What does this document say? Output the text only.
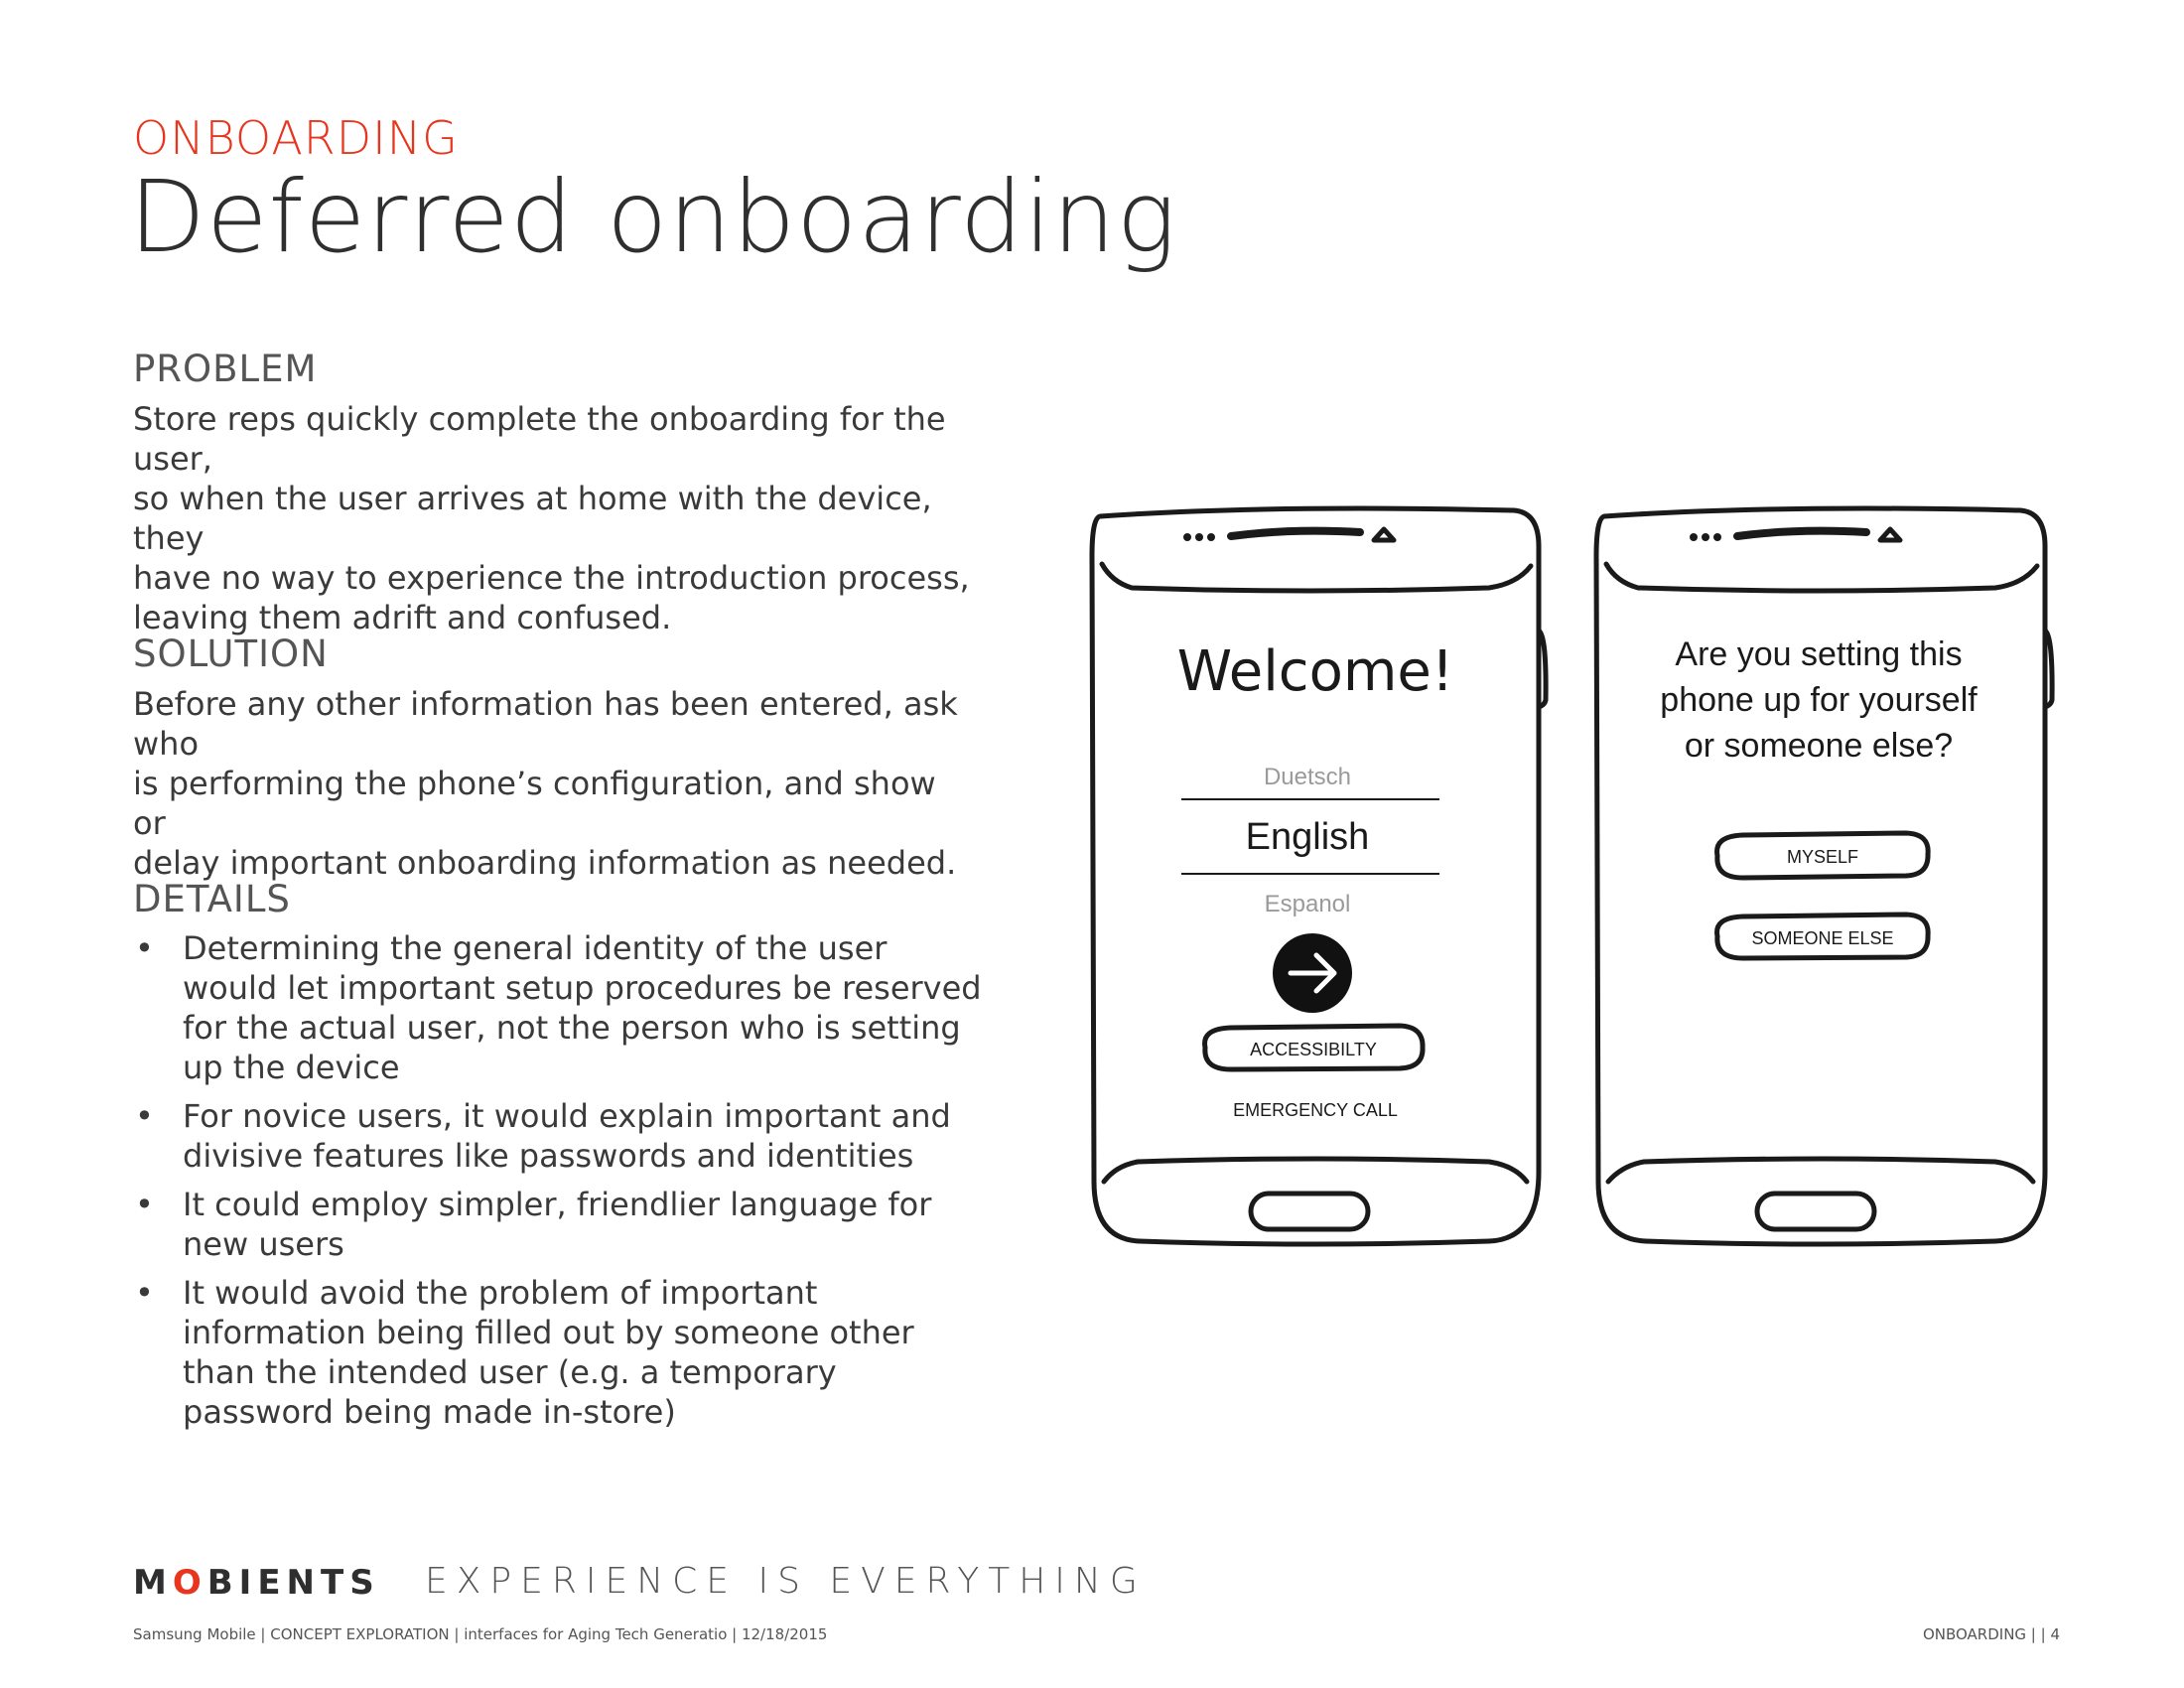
ONBOARDING
Deferred onboarding
PROBLEM
Store reps quickly complete the onboarding for the user,
so when the user arrives at home with the device, they
have no way to experience the introduction process,
leaving them adrift and confused.
SOLUTION
Before any other information has been entered, ask who
is performing the phone’s configuration, and show or
delay important onboarding information as needed.
DETAILS
• Determining the general identity of the user would let important setup procedures be reserved for the actual user, not the person who is setting up the device
• For novice users, it would explain important and divisive features like passwords and identities
• It could employ simpler, friendlier language for new users
• It would avoid the problem of important information being filled out by someone other than the intended user (e.g. a temporary password being made in-store)
Welcome!
Duetsch
English
Espanol
ACCESSIBILTY
EMERGENCY CALL
Are you setting this
phone up for yourself
or someone else?
MYSELF
SOMEONE ELSE
MOBIENTS EXPERIENCE IS EVERYTHING
Samsung Mobile | CONCEPT EXPLORATION | interfaces for Aging Tech Generatio | 12/18/2015	ONBOARDING | | 4
